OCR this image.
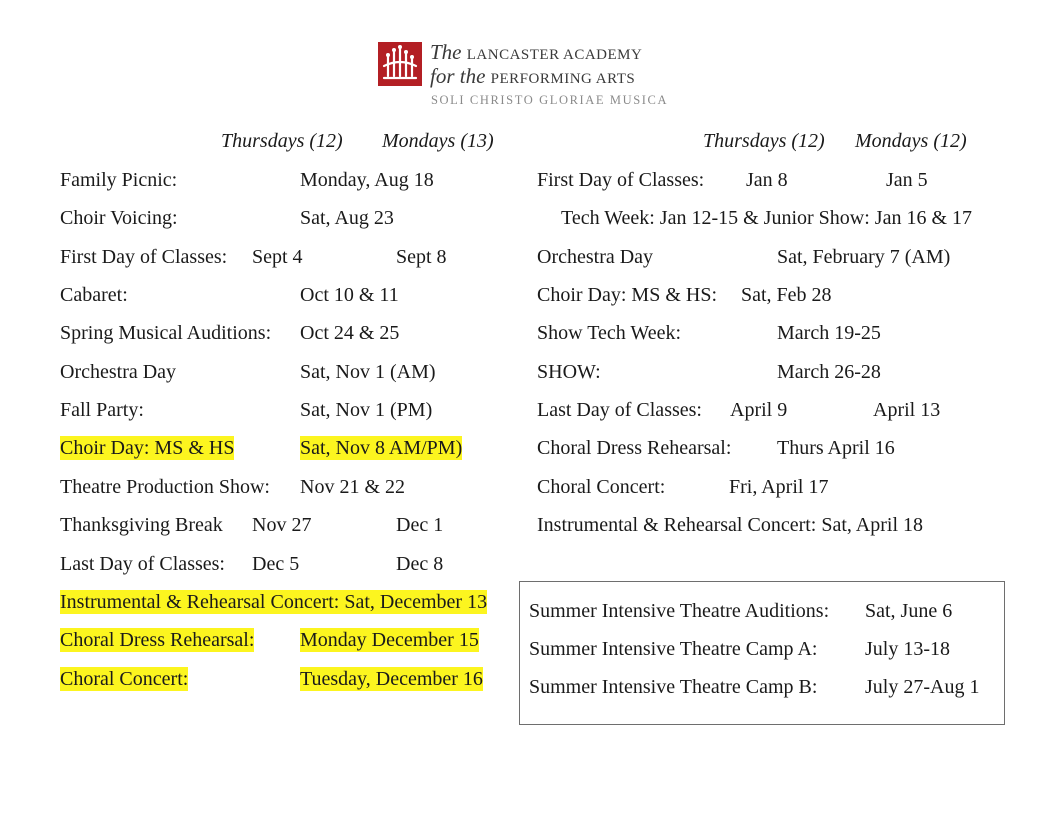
The LANCASTER ACADEMY
for the PERFORMING ARTS
SOLI CHRISTO GLORIAE MUSICA
Thursdays (12) Mondays (13)
Family Picnic:	Monday, Aug 18
Choir Voicing:	Sat, Aug 23
First Day of Classes: Sept 4	Sept 8
Cabaret:	Oct 10 & 11
Spring Musical Auditions: Oct 24 & 25
Orchestra Day	Sat, Nov 1 (AM)
Fall Party:	Sat, Nov 1 (PM)
Choir Day: MS & HS	Sat, Nov 8 AM/PM)
Theatre Production Show: Nov 21 & 22
Thanksgiving Break Nov 27	Dec 1
Last Day of Classes: Dec 5	Dec 8
Instrumental & Rehearsal Concert: Sat, December 13
Choral Dress Rehearsal: Monday December 15
Choral Concert:	Tuesday, December 16
Thursdays (12) Mondays (12)
First Day of Classes: Jan 8	Jan 5
Tech Week: Jan 12-15 & Junior Show: Jan 16 & 17
Orchestra Day	Sat, February 7 (AM)
Choir Day: MS & HS: Sat, Feb 28
Show Tech Week:	March 19-25
SHOW:	March 26-28
Last Day of Classes: April 9	April 13
Choral Dress Rehearsal: Thurs April 16
Choral Concert:	Fri, April 17
Instrumental & Rehearsal Concert: Sat, April 18
Summer Intensive Theatre Auditions: Sat, June 6
Summer Intensive Theatre Camp A: July 13-18
Summer Intensive Theatre Camp B: July 27-Aug 1
